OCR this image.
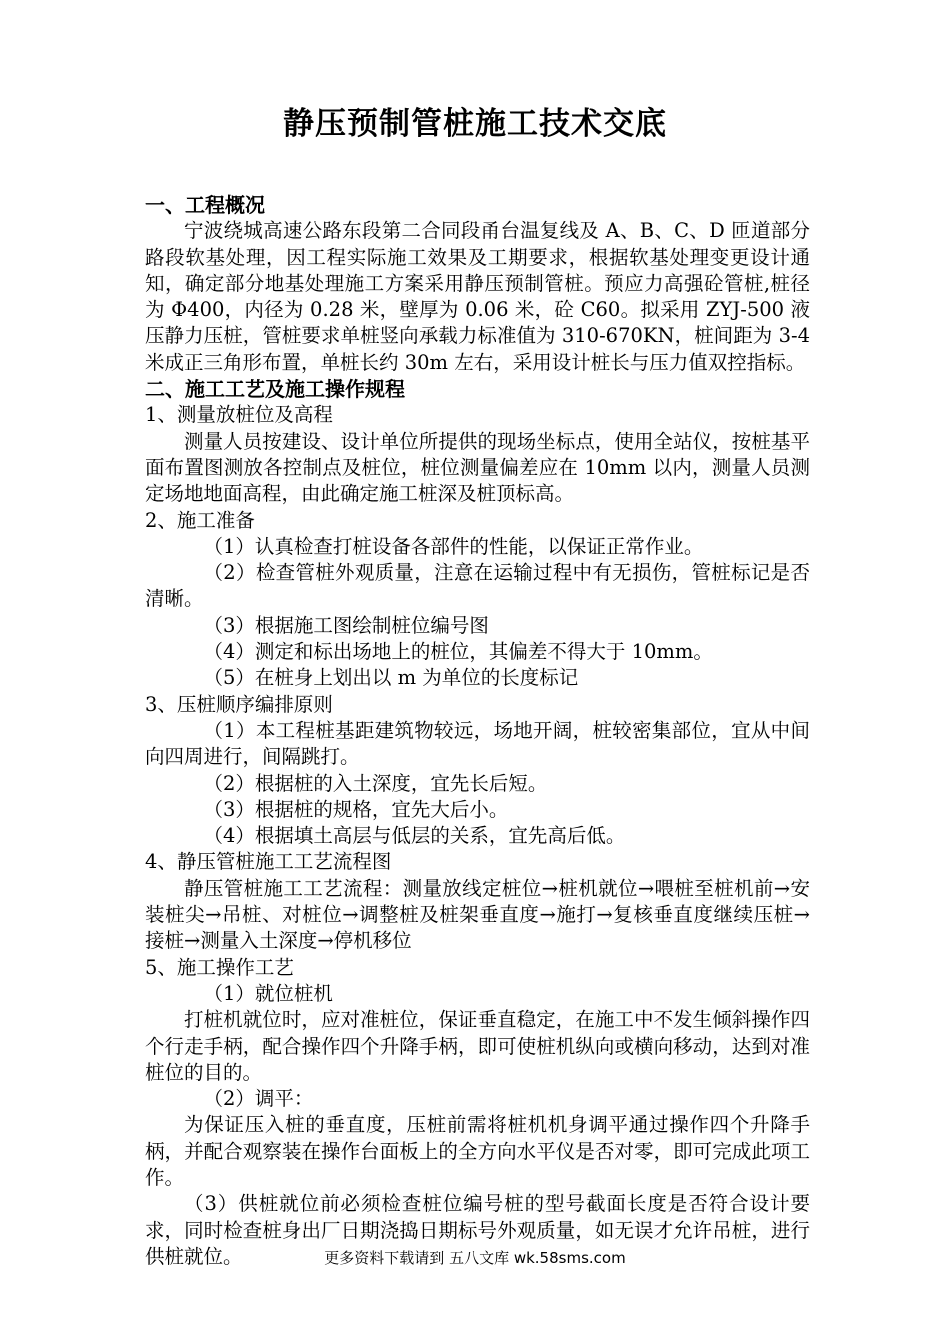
静压预制管桩施工技术交底

一、工程概况

宁波绕城高速公路东段第二合同段甬台温复线及 A、B、C、D 匝道部分路段软基处理，因工程实际施工效果及工期要求，根据软基处理变更设计通知，确定部分地基处理施工方案采用静压预制管桩。预应力高强砼管桩,桩径为 Φ400，内径为 0.28 米，壁厚为 0.06 米，砼 C60。拟采用 ZYJ-500 液压静力压桩，管桩要求单桩竖向承载力标准值为 310-670KN，桩间距为 3-4 米成正三角形布置，单桩长约 30m 左右，采用设计桩长与压力值双控指标。

二、施工工艺及施工操作规程

1、测量放桩位及高程

测量人员按建设、设计单位所提供的现场坐标点，使用全站仪，按桩基平面布置图测放各控制点及桩位，桩位测量偏差应在 10mm 以内，测量人员测定场地地面高程，由此确定施工桩深及桩顶标高。

2、施工准备

（1）认真检查打桩设备各部件的性能，以保证正常作业。

（2）检查管桩外观质量，注意在运输过程中有无损伤，管桩标记是否清晰。

（3）根据施工图绘制桩位编号图

（4）测定和标出场地上的桩位，其偏差不得大于 10mm。

（5）在桩身上划出以 m 为单位的长度标记

3、压桩顺序编排原则

（1）本工程桩基距建筑物较远，场地开阔，桩较密集部位，宜从中间向四周进行，间隔跳打。

（2）根据桩的入土深度，宜先长后短。

（3）根据桩的规格，宜先大后小。

（4）根据填土高层与低层的关系，宜先高后低。

4、静压管桩施工工艺流程图

静压管桩施工工艺流程：测量放线定桩位→桩机就位→喂桩至桩机前→安装桩尖→吊桩、对桩位→调整桩及桩架垂直度→施打→复核垂直度继续压桩→接桩→测量入土深度→停机移位

5、施工操作工艺

（1）就位桩机

打桩机就位时，应对准桩位，保证垂直稳定，在施工中不发生倾斜操作四个行走手柄，配合操作四个升降手柄，即可使桩机纵向或横向移动，达到对准桩位的目的。

（2）调平：

为保证压入桩的垂直度，压桩前需将桩机机身调平通过操作四个升降手柄，并配合观察装在操作台面板上的全方向水平仪是否对零，即可完成此项工作。

（3）供桩就位前必须检查桩位编号桩的型号截面长度是否符合设计要求，同时检查桩身出厂日期浇捣日期标号外观质量，如无误才允许吊桩，进行供桩就位。	更多资料下载请到 五八文库 wk.58sms.com
